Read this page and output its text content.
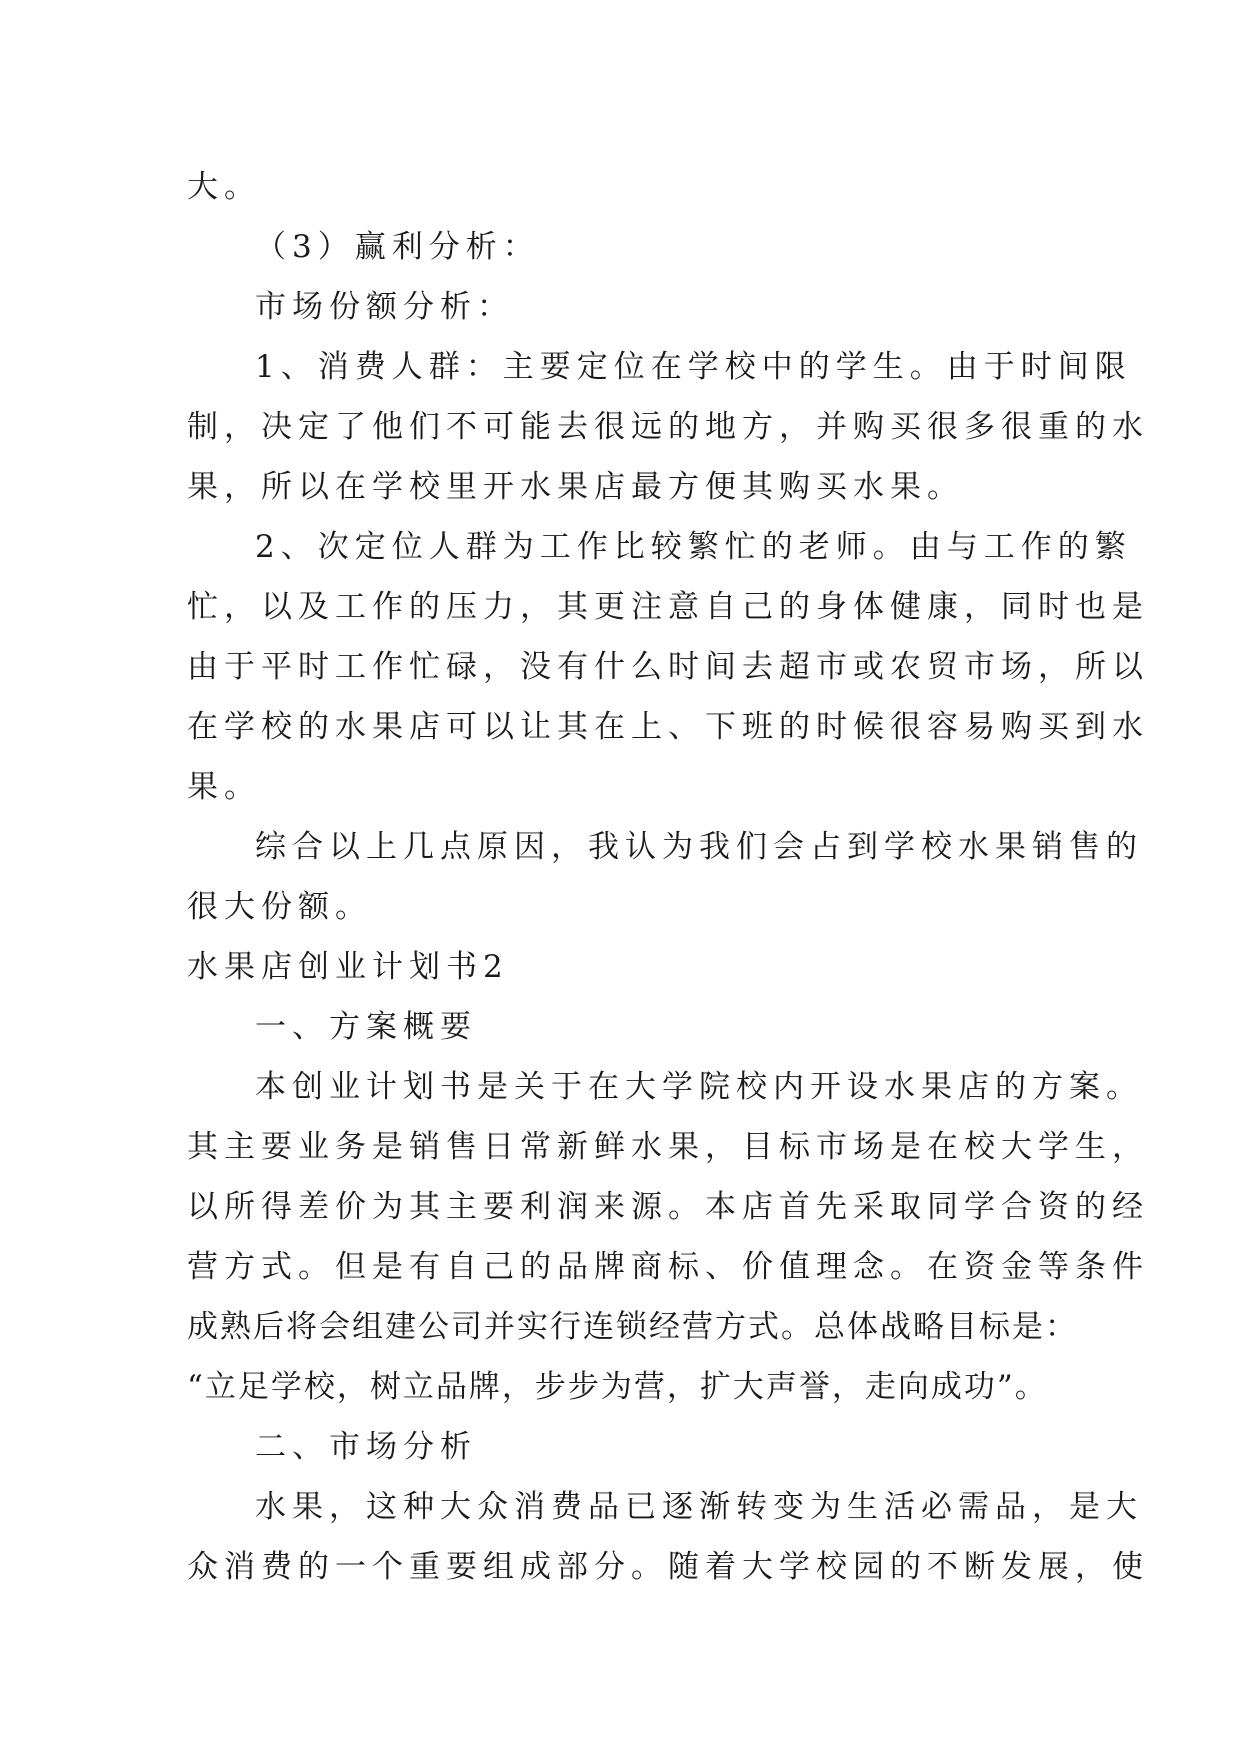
大。
（3）赢利分析：
市场份额分析：
1、消费人群：主要定位在学校中的学生。由于时间限
制，决定了他们不可能去很远的地方，并购买很多很重的水
果，所以在学校里开水果店最方便其购买水果。
2、次定位人群为工作比较繁忙的老师。由与工作的繁
忙，以及工作的压力，其更注意自己的身体健康，同时也是
由于平时工作忙碌，没有什么时间去超市或农贸市场，所以
在学校的水果店可以让其在上、下班的时候很容易购买到水
果。
综合以上几点原因，我认为我们会占到学校水果销售的
很大份额。
水果店创业计划书2
一、方案概要
本创业计划书是关于在大学院校内开设水果店的方案。
其主要业务是销售日常新鲜水果，目标市场是在校大学生，
以所得差价为其主要利润来源。本店首先采取同学合资的经
营方式。但是有自己的品牌商标、价值理念。在资金等条件
成熟后将会组建公司并实行连锁经营方式。总体战略目标是：
“立足学校，树立品牌，步步为营，扩大声誉，走向成功”。
二、市场分析
水果，这种大众消费品已逐渐转变为生活必需品，是大
众消费的一个重要组成部分。随着大学校园的不断发展，使
